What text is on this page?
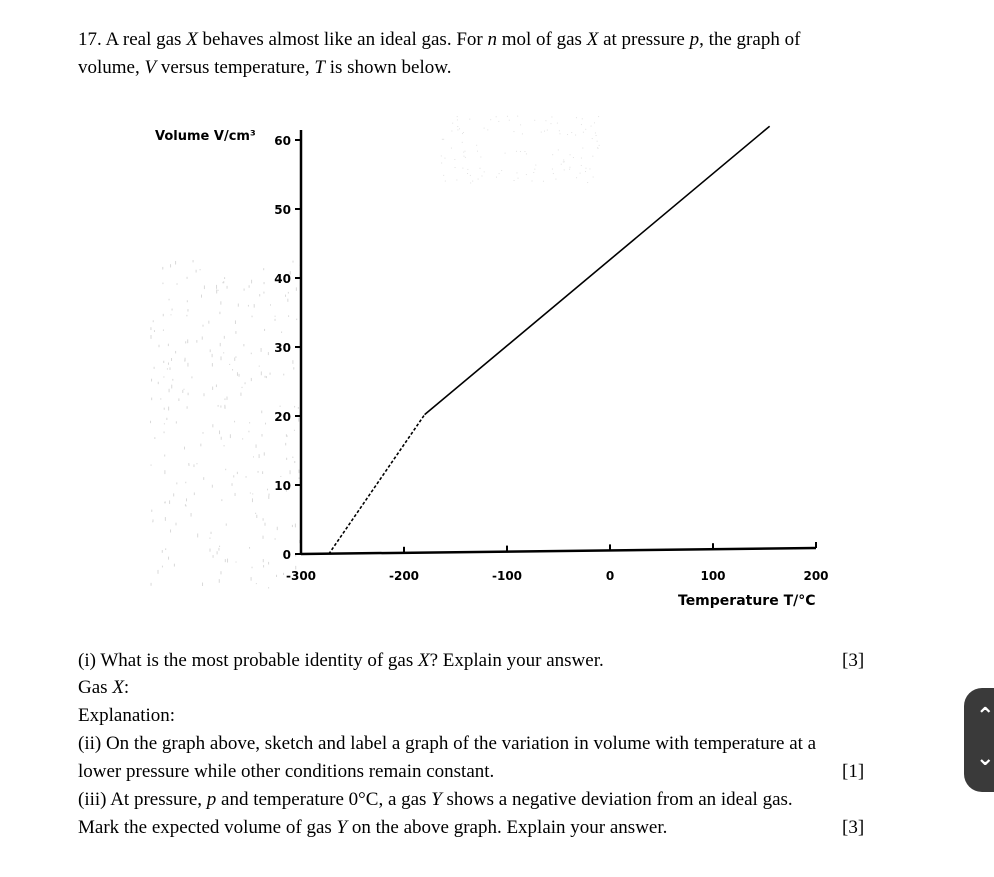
17. A real gas X behaves almost like an ideal gas. For n mol of gas X at pressure p, the graph of
volume, V versus temperature, T is shown below.
Volume V/cm³
0
10
20
30
40
50
60
-300	-200	-100	0	100	200
Temperature T/°C
(i) What is the most probable identity of gas X? Explain your answer.	[3]
Gas X:
Explanation:
(ii) On the graph above, sketch and label a graph of the variation in volume with temperature at a
lower pressure while other conditions remain constant.	[1]
(iii) At pressure, p and temperature 0°C, a gas Y shows a negative deviation from an ideal gas.
Mark the expected volume of gas Y on the above graph. Explain your answer.	[3]
⌃
⌄
